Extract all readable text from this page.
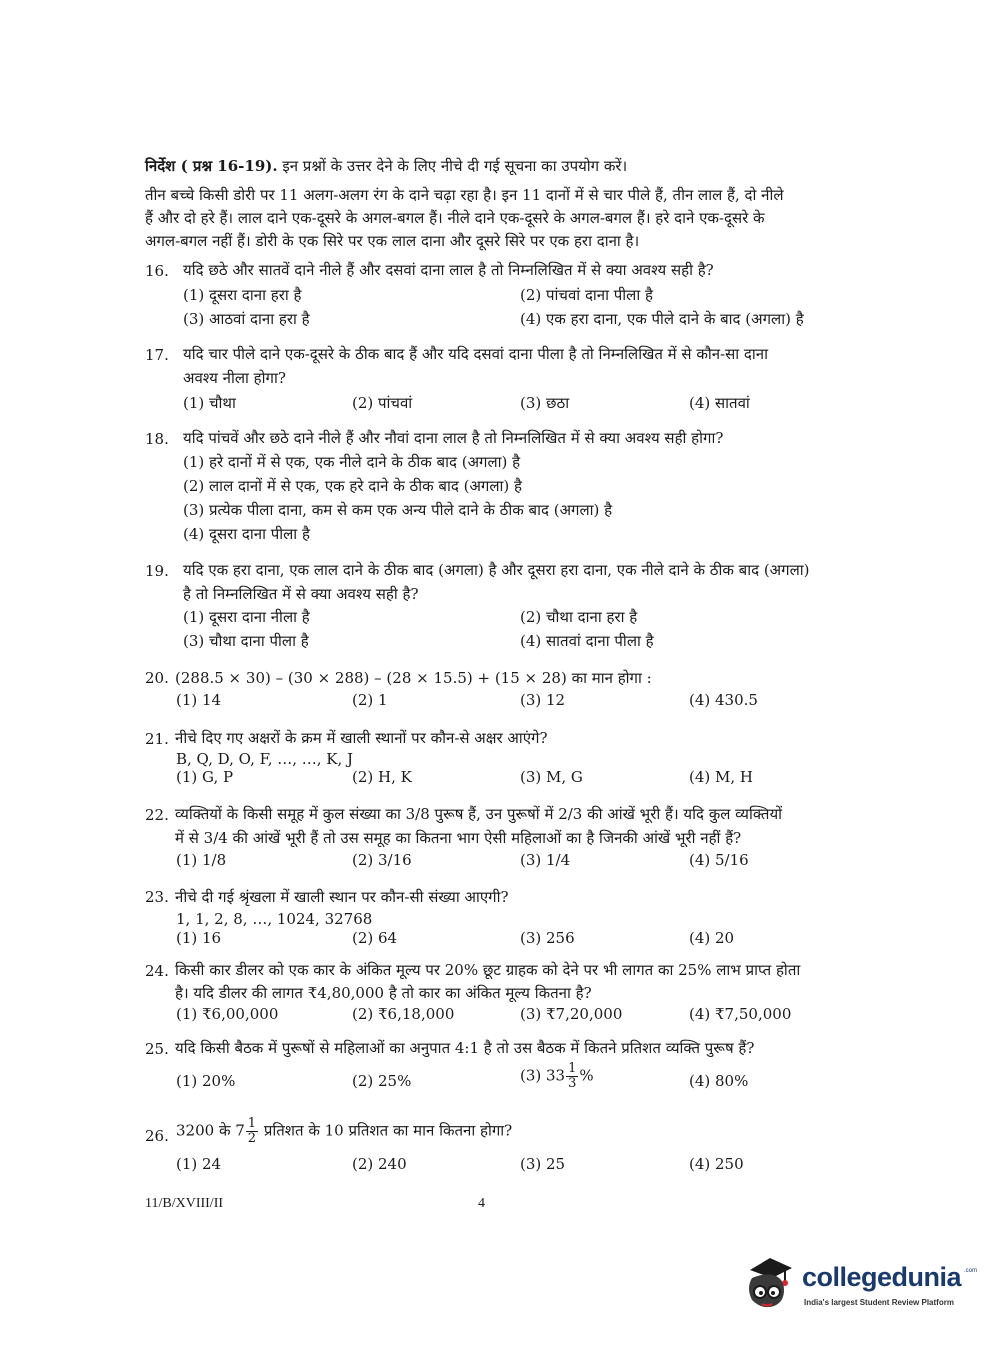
निर्देश ( प्रश्न 16-19). इन प्रश्नों के उत्तर देने के लिए नीचे दी गई सूचना का उपयोग करें।
तीन बच्चे किसी डोरी पर 11 अलग-अलग रंग के दाने चढ़ा रहा है। इन 11 दानों में से चार पीले हैं, तीन लाल हैं, दो नीले
हैं और दो हरे हैं। लाल दाने एक-दूसरे के अगल-बगल हैं। नीले दाने एक-दूसरे के अगल-बगल हैं। हरे दाने एक-दूसरे के
अगल-बगल नहीं हैं। डोरी के एक सिरे पर एक लाल दाना और दूसरे सिरे पर एक हरा दाना है।
16. यदि छठे और सातवें दाने नीले हैं और दसवां दाना लाल है तो निम्नलिखित में से क्या अवश्य सही है?
(1) दूसरा दाना हरा है	(2) पांचवां दाना पीला है
(3) आठवां दाना हरा है	(4) एक हरा दाना, एक पीले दाने के बाद (अगला) है
17. यदि चार पीले दाने एक-दूसरे के ठीक बाद हैं और यदि दसवां दाना पीला है तो निम्नलिखित में से कौन-सा दाना
अवश्य नीला होगा?
(1) चौथा	(2) पांचवां	(3) छठा	(4) सातवां
18. यदि पांचवें और छठे दाने नीले हैं और नौवां दाना लाल है तो निम्नलिखित में से क्या अवश्य सही होगा?
(1) हरे दानों में से एक, एक नीले दाने के ठीक बाद (अगला) है
(2) लाल दानों में से एक, एक हरे दाने के ठीक बाद (अगला) है
(3) प्रत्येक पीला दाना, कम से कम एक अन्य पीले दाने के ठीक बाद (अगला) है
(4) दूसरा दाना पीला है
19. यदि एक हरा दाना, एक लाल दाने के ठीक बाद (अगला) है और दूसरा हरा दाना, एक नीले दाने के ठीक बाद (अगला)
है तो निम्नलिखित में से क्या अवश्य सही है?
(1) दूसरा दाना नीला है	(2) चौथा दाना हरा है
(3) चौथा दाना पीला है	(4) सातवां दाना पीला है
20. (288.5 × 30) – (30 × 288) – (28 × 15.5) + (15 × 28) का मान होगा :
(1) 14	(2) 1	(3) 12	(4) 430.5
21. नीचे दिए गए अक्षरों के क्रम में खाली स्थानों पर कौन-से अक्षर आएंगे?
B, Q, D, O, F, …, …, K, J
(1) G, P	(2) H, K	(3) M, G	(4) M, H
22. व्यक्तियों के किसी समूह में कुल संख्या का 3/8 पुरूष हैं, उन पुरूषों में 2/3 की आंखें भूरी हैं। यदि कुल व्यक्तियों
में से 3/4 की आंखें भूरी हैं तो उस समूह का कितना भाग ऐसी महिलाओं का है जिनकी आंखें भूरी नहीं हैं?
(1) 1/8	(2) 3/16	(3) 1/4	(4) 5/16
23. नीचे दी गई श्रृंखला में खाली स्थान पर कौन-सी संख्या आएगी?
1, 1, 2, 8, …, 1024, 32768
(1) 16	(2) 64	(3) 256	(4) 20
24. किसी कार डीलर को एक कार के अंकित मूल्य पर 20% छूट ग्राहक को देने पर भी लागत का 25% लाभ प्राप्त होता
है। यदि डीलर की लागत ₹4,80,000 है तो कार का अंकित मूल्य कितना है?
(1) ₹6,00,000	(2) ₹6,18,000	(3) ₹7,20,000	(4) ₹7,50,000
25. यदि किसी बैठक में पुरूषों से महिलाओं का अनुपात 4:1 है तो उस बैठक में कितने प्रतिशत व्यक्ति पुरूष हैं?
(1) 20%	(2) 25%	(3) $33 \frac{1}{3}$ %	(4) 80%
26. 3200 के $7 \frac{1}{2}$ प्रतिशत के 10 प्रतिशत का मान कितना होगा?
(1) 24	(2) 240	(3) 25	(4) 250
11/B/XVIII/II	4
collegedunia .com
India's largest Student Review Platform
